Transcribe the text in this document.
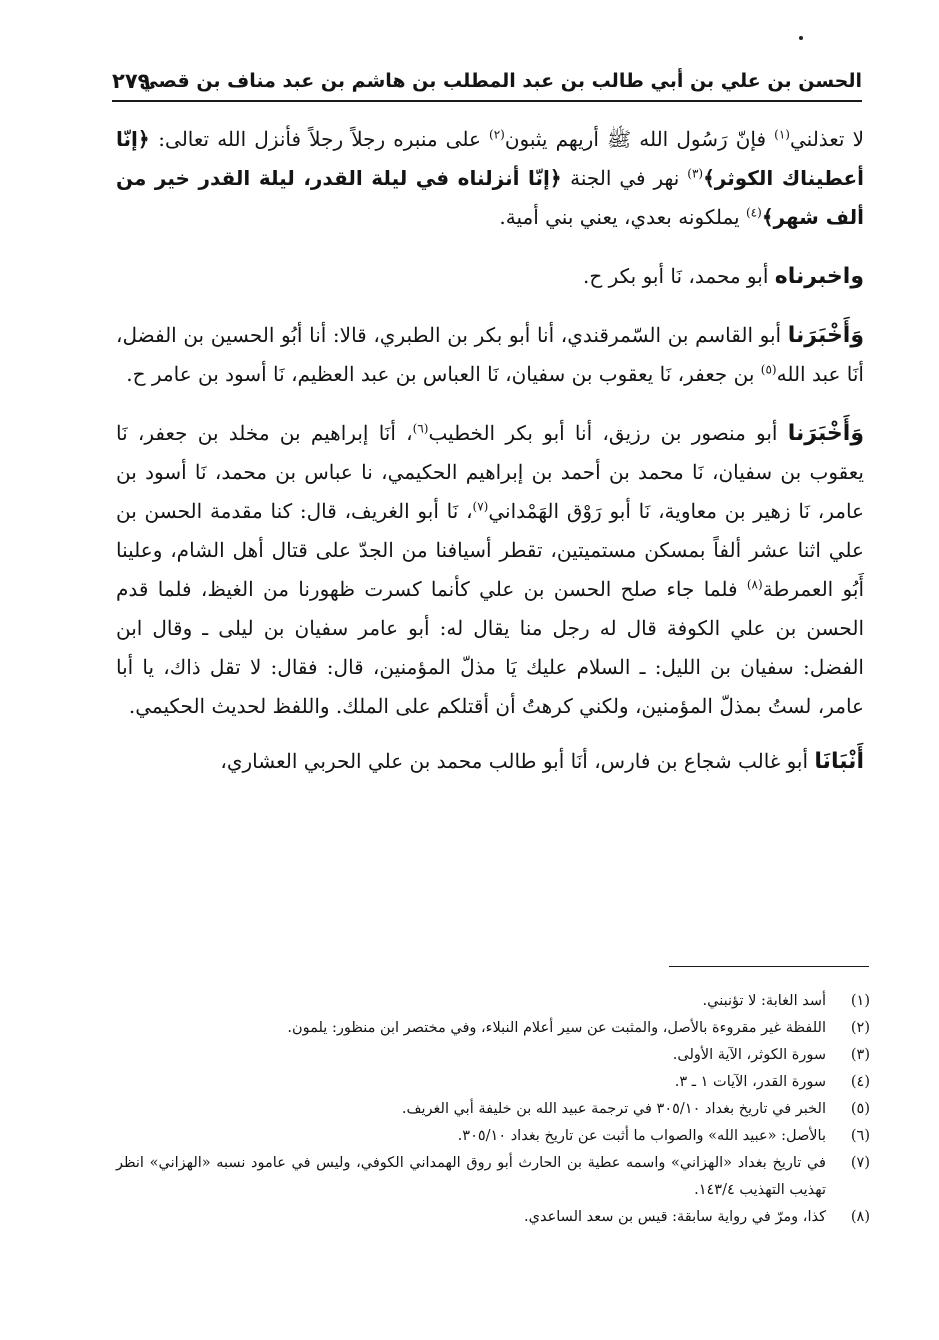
الحسن بن علي بن أبي طالب بن عبد المطلب بن هاشم بن عبد مناف بن قصي
٢٧٩

لا تعذلني$^{(١)}$ فإنّ رَسُول الله ﷺ أريهم يثبون$^{(٢)}$ على منبره رجلاً رجلاً فأنزل الله تعالى: ﴿إنّا أعطيناك الكوثر﴾$^{(٣)}$ نهر في الجنة ﴿إنّا أنزلناه في ليلة القدر، ليلة القدر خير من ألف شهر﴾$^{(٤)}$ يملكونه بعدي، يعني بني أمية.

واخبرناه أبو محمد، نَا أبو بكر ح.

وَأَخْبَرَنا أبو القاسم بن السّمرقندي، أنا أبو بكر بن الطبري، قالا: أنا أبُو الحسين بن الفضل، أنَا عبد الله$^{(٥)}$ بن جعفر، نَا يعقوب بن سفيان، نَا العباس بن عبد العظيم، نَا أسود بن عامر ح.

وَأَخْبَرَنا أبو منصور بن رزيق، أنا أبو بكر الخطيب$^{(٦)}$، أنَا إبراهيم بن مخلد بن جعفر، نَا يعقوب بن سفيان، نَا محمد بن أحمد بن إبراهيم الحكيمي، نا عباس بن محمد، نَا أسود بن عامر، نَا زهير بن معاوية، نَا أبو رَوْق الهَمْداني$^{(٧)}$، نَا أبو الغريف، قال: كنا مقدمة الحسن بن علي اثنا عشر ألفاً بمسكن مستميتين، تقطر أسيافنا من الجدّ على قتال أهل الشام، وعلينا أَبُو العمرطة$^{(٨)}$ فلما جاء صلح الحسن بن علي كأنما كسرت ظهورنا من الغيظ، فلما قدم الحسن بن علي الكوفة قال له رجل منا يقال له: أبو عامر سفيان بن ليلى ـ وقال ابن الفضل: سفيان بن الليل: ـ السلام عليك يَا مذلّ المؤمنين، قال: فقال: لا تقل ذاك، يا أبا عامر، لستُ بمذلّ المؤمنين، ولكني كرهتُ أن أقتلكم على الملك. واللفظ لحديث الحكيمي.

أَنْبَانَا أبو غالب شجاع بن فارس، أنَا أبو طالب محمد بن علي الحربي العشاري،

(١)
أسد الغابة: لا تؤنبني.
(٢)
اللفظة غير مقروءة بالأصل، والمثبت عن سير أعلام النبلاء، وفي مختصر ابن منظور: يلمون.
(٣)
سورة الكوثر، الآية الأولى.
(٤)
سورة القدر، الآيات ١ ـ ٣.
(٥)
الخبر في تاريخ بغداد ٣٠٥/١٠ في ترجمة عبيد الله بن خليفة أبي الغريف.
(٦)
بالأصل: «عبيد الله» والصواب ما أثبت عن تاريخ بغداد ٣٠٥/١٠.
(٧)
في تاريخ بغداد «الهزاني» واسمه عطية بن الحارث أبو روق الهمداني الكوفي، وليس في عامود نسبه «الهزاني» انظر تهذيب التهذيب ١٤٣/٤.
(٨)
كذا، ومرّ في رواية سابقة: قيس بن سعد الساعدي.
